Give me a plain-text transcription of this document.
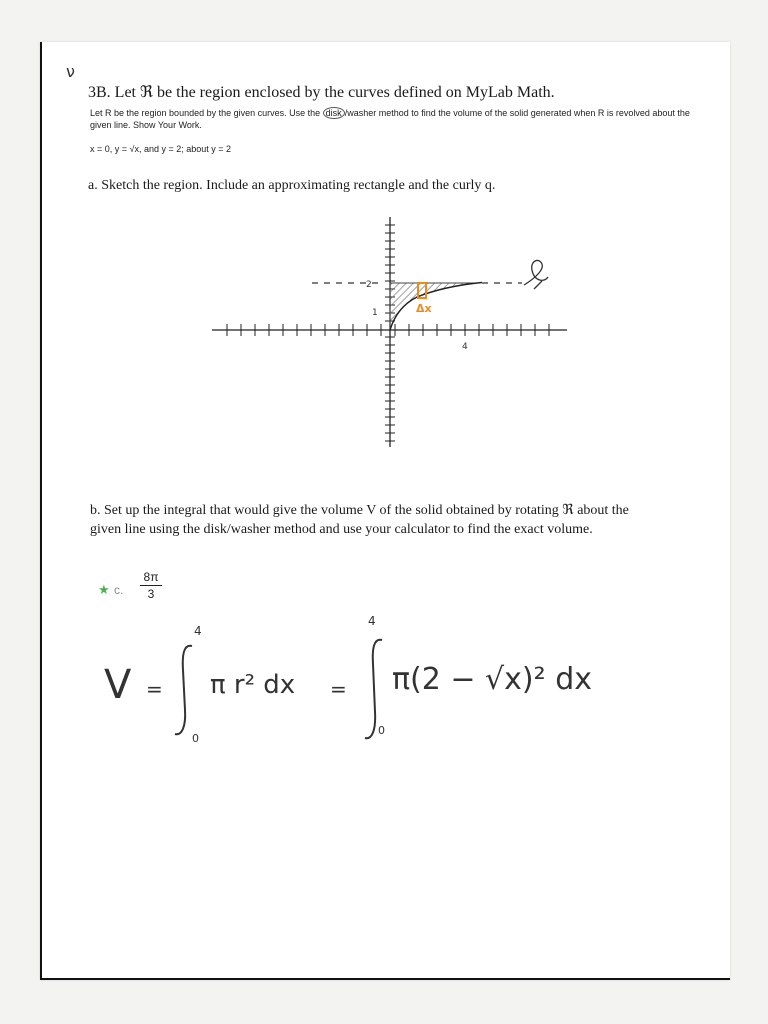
ν
3B. Let ℜ be the region enclosed by the curves defined on MyLab Math.
Let R be the region bounded by the given curves. Use the disk /washer method to find the volume of the solid generated when R is revolved about the
given line. Show Your Work.
x = 0, y = √x, and y = 2; about y = 2
a. Sketch the region. Include an approximating rectangle and the curly q.
Δx
2
1
4
b. Set up the integral that would give the volume V of the solid obtained by rotating ℜ about the
given line using the disk/washer method and use your calculator to find the exact volume.
★ c. $\frac{8\pi}{3}$
V =
4
0
π r² dx =
4
0
π(2 − √x)² dx
